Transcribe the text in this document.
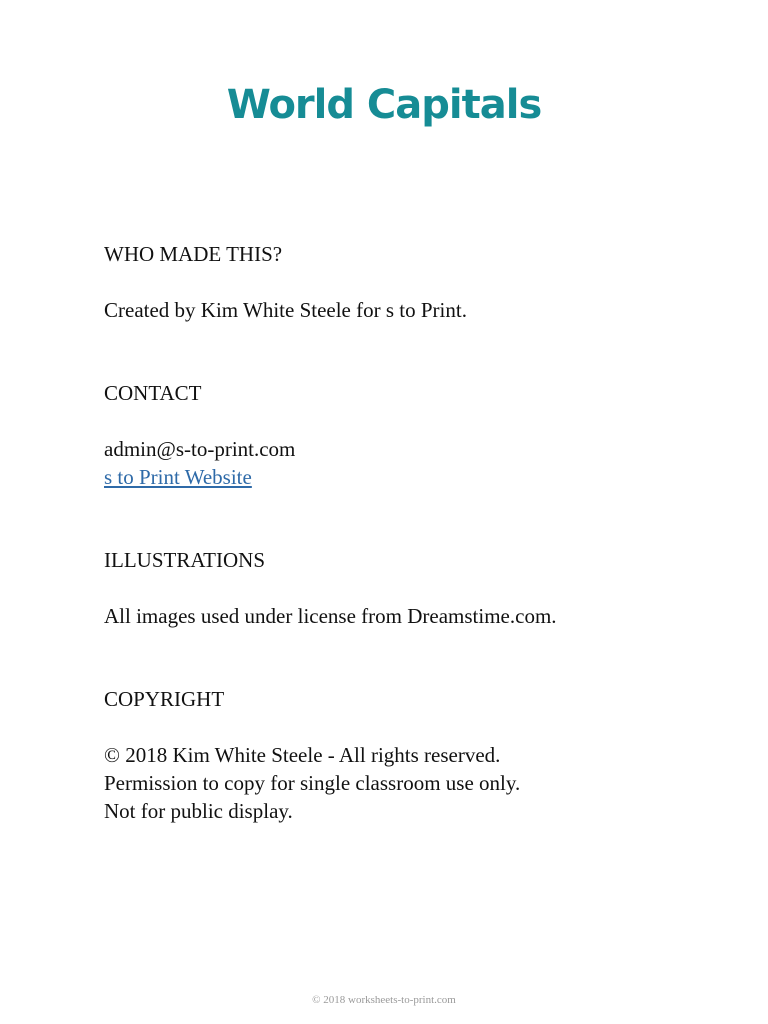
World Capitals

WHO MADE THIS?

Created by Kim White Steele for s to Print.

CONTACT

admin@s-to-print.com
s to Print Website

ILLUSTRATIONS

All images used under license from Dreamstime.com.

COPYRIGHT

© 2018 Kim White Steele - All rights reserved.
Permission to copy for single classroom use only.
Not for public display.

© 2018 worksheets-to-print.com
